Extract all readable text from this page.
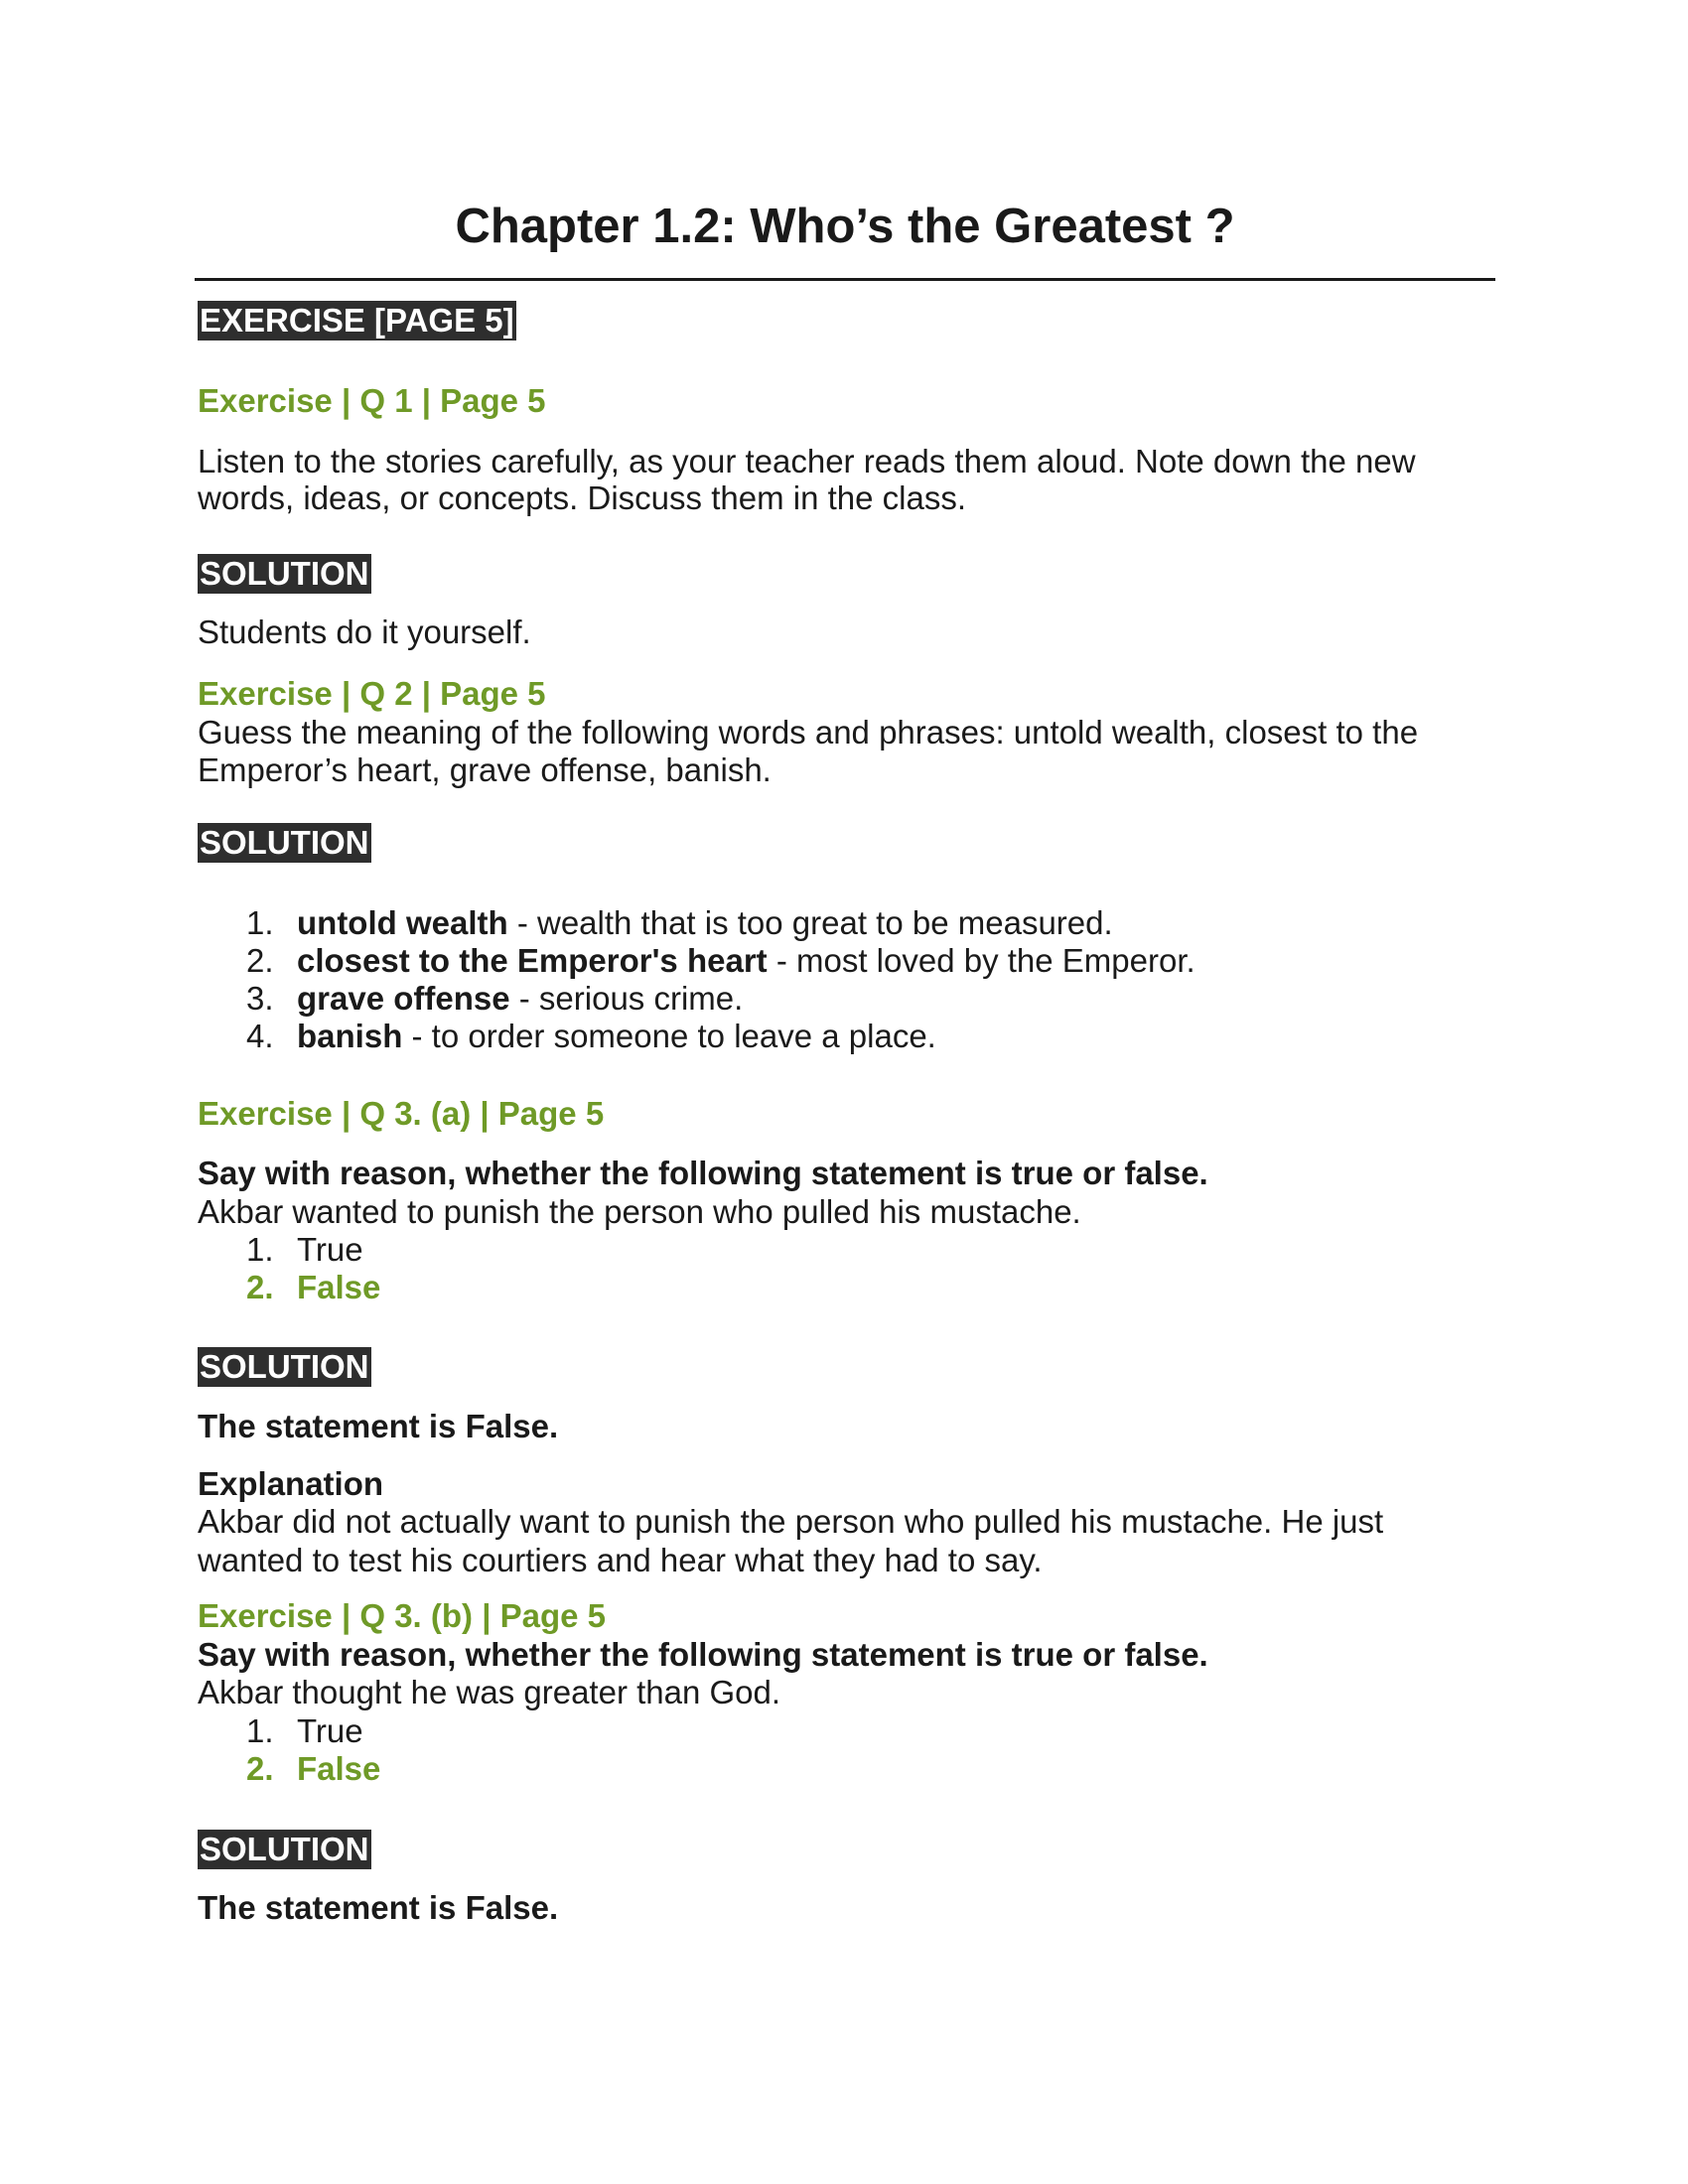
Chapter 1.2: Who’s the Greatest ?
EXERCISE [PAGE 5]
Exercise | Q 1 | Page 5
Listen to the stories carefully, as your teacher reads them aloud. Note down the new
words, ideas, or concepts. Discuss them in the class.
SOLUTION
Students do it yourself.
Exercise | Q 2 | Page 5
Guess the meaning of the following words and phrases: untold wealth, closest to the
Emperor’s heart, grave offense, banish.
SOLUTION
1. untold wealth - wealth that is too great to be measured.
2. closest to the Emperor's heart - most loved by the Emperor.
3. grave offense - serious crime.
4. banish - to order someone to leave a place.
Exercise | Q 3. (a) | Page 5
Say with reason, whether the following statement is true or false.
Akbar wanted to punish the person who pulled his mustache.
1. True
2. False
SOLUTION
The statement is False.
Explanation
Akbar did not actually want to punish the person who pulled his mustache. He just
wanted to test his courtiers and hear what they had to say.
Exercise | Q 3. (b) | Page 5
Say with reason, whether the following statement is true or false.
Akbar thought he was greater than God.
1. True
2. False
SOLUTION
The statement is False.
